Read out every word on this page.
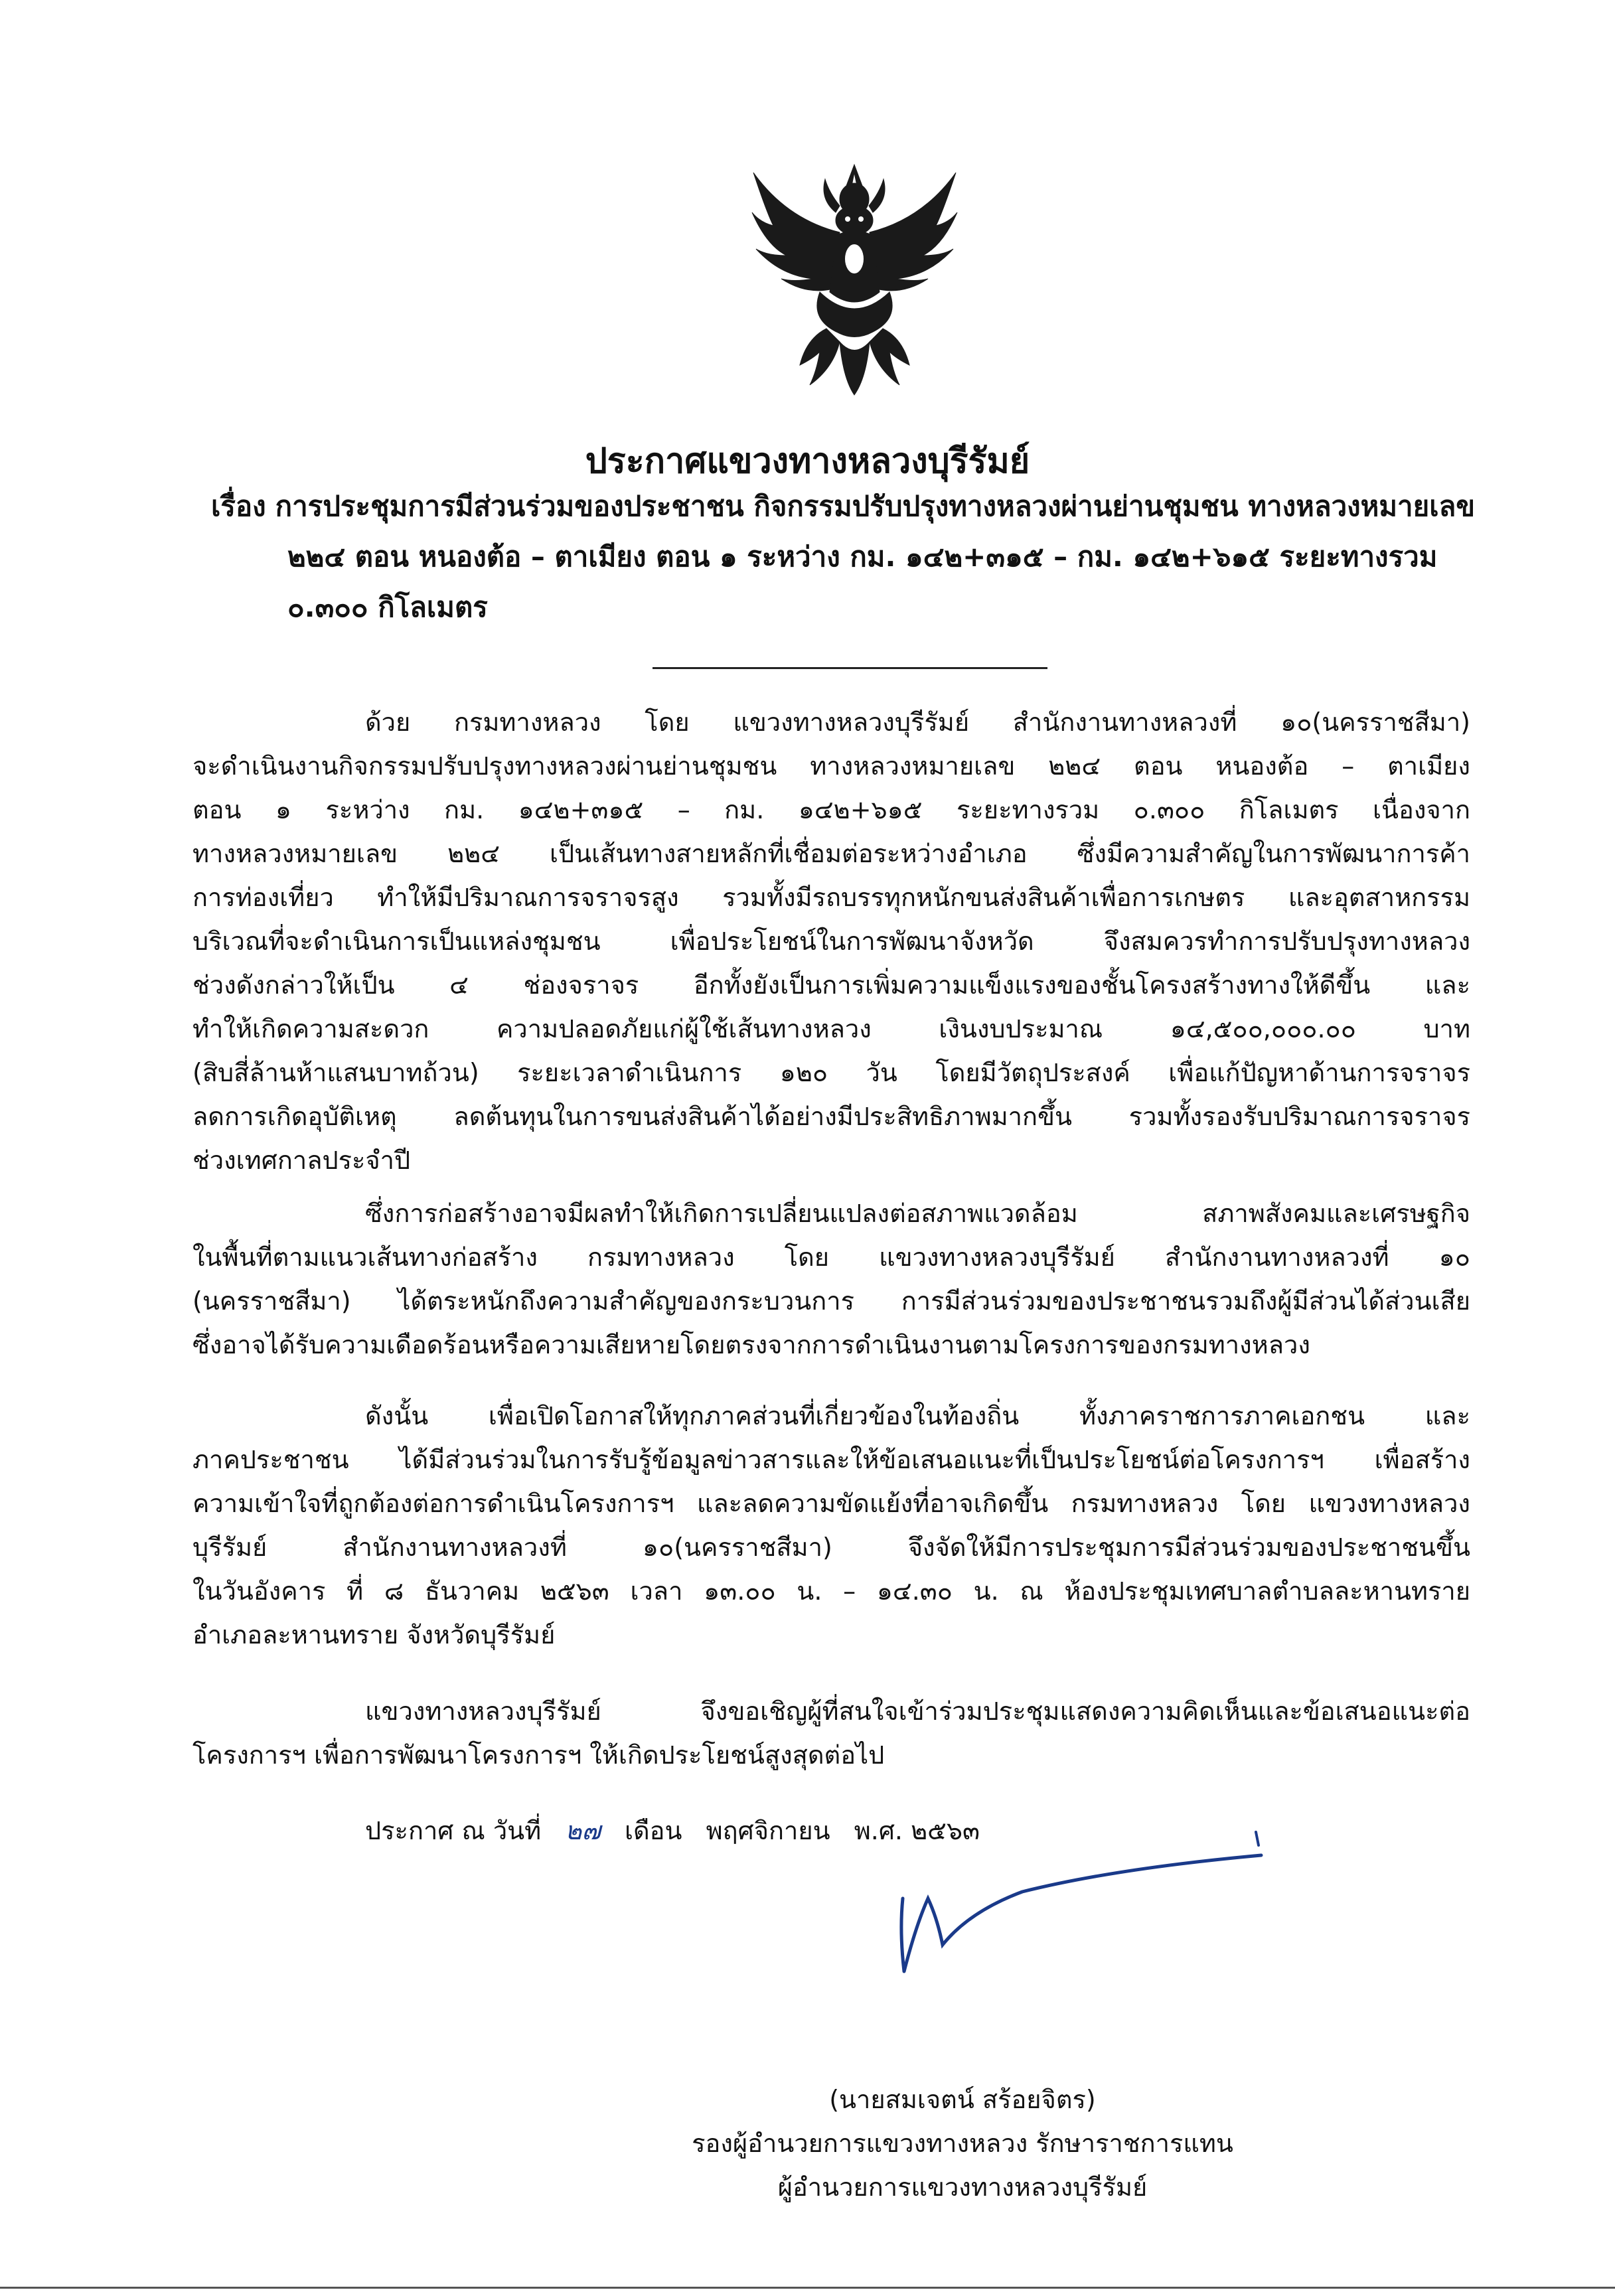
ประกาศแขวงทางหลวงบุรีรัมย์
เรื่อง การประชุมการมีส่วนร่วมของประชาชน กิจกรรมปรับปรุงทางหลวงผ่านย่านชุมชน ทางหลวงหมายเลข
๒๒๔ ตอน หนองต้อ – ตาเมียง ตอน ๑ ระหว่าง กม. ๑๔๒+๓๑๕ – กม. ๑๔๒+๖๑๕ ระยะทางรวม
๐.๓๐๐ กิโลเมตร
ด้วย กรมทางหลวง โดย แขวงทางหลวงบุรีรัมย์ สำนักงานทางหลวงที่ ๑๐(นครราชสีมา)
จะดำเนินงานกิจกรรมปรับปรุงทางหลวงผ่านย่านชุมชน ทางหลวงหมายเลข ๒๒๔ ตอน หนองต้อ – ตาเมียง
ตอน ๑ ระหว่าง กม. ๑๔๒+๓๑๕ – กม. ๑๔๒+๖๑๕ ระยะทางรวม ๐.๓๐๐ กิโลเมตร เนื่องจาก
ทางหลวงหมายเลข ๒๒๔ เป็นเส้นทางสายหลักที่เชื่อมต่อระหว่างอำเภอ ซึ่งมีความสำคัญในการพัฒนาการค้า
การท่องเที่ยว ทำให้มีปริมาณการจราจรสูง รวมทั้งมีรถบรรทุกหนักขนส่งสินค้าเพื่อการเกษตร และอุตสาหกรรม
บริเวณที่จะดำเนินการเป็นแหล่งชุมชน เพื่อประโยชน์ในการพัฒนาจังหวัด จึงสมควรทำการปรับปรุงทางหลวง
ช่วงดังกล่าวให้เป็น ๔ ช่องจราจร อีกทั้งยังเป็นการเพิ่มความแข็งแรงของชั้นโครงสร้างทางให้ดีขึ้น และ
ทำให้เกิดความสะดวก ความปลอดภัยแก่ผู้ใช้เส้นทางหลวง เงินงบประมาณ ๑๔,๕๐๐,๐๐๐.๐๐ บาท
(สิบสี่ล้านห้าแสนบาทถ้วน) ระยะเวลาดำเนินการ ๑๒๐ วัน โดยมีวัตถุประสงค์ เพื่อแก้ปัญหาด้านการจราจร
ลดการเกิดอุบัติเหตุ ลดต้นทุนในการขนส่งสินค้าได้อย่างมีประสิทธิภาพมากขึ้น รวมทั้งรองรับปริมาณการจราจร
ช่วงเทศกาลประจำปี
ซึ่งการก่อสร้างอาจมีผลทำให้เกิดการเปลี่ยนแปลงต่อสภาพแวดล้อม สภาพสังคมและเศรษฐกิจ
ในพื้นที่ตามแนวเส้นทางก่อสร้าง กรมทางหลวง โดย แขวงทางหลวงบุรีรัมย์ สำนักงานทางหลวงที่ ๑๐
(นครราชสีมา) ได้ตระหนักถึงความสำคัญของกระบวนการ การมีส่วนร่วมของประชาชนรวมถึงผู้มีส่วนได้ส่วนเสีย
ซึ่งอาจได้รับความเดือดร้อนหรือความเสียหายโดยตรงจากการดำเนินงานตามโครงการของกรมทางหลวง
ดังนั้น เพื่อเปิดโอกาสให้ทุกภาคส่วนที่เกี่ยวข้องในท้องถิ่น ทั้งภาคราชการภาคเอกชน และ
ภาคประชาชน ได้มีส่วนร่วมในการรับรู้ข้อมูลข่าวสารและให้ข้อเสนอแนะที่เป็นประโยชน์ต่อโครงการฯ เพื่อสร้าง
ความเข้าใจที่ถูกต้องต่อการดำเนินโครงการฯ และลดความขัดแย้งที่อาจเกิดขึ้น กรมทางหลวง โดย แขวงทางหลวง
บุรีรัมย์ สำนักงานทางหลวงที่ ๑๐(นครราชสีมา) จึงจัดให้มีการประชุมการมีส่วนร่วมของประชาชนขึ้น
ในวันอังคาร ที่ ๘ ธันวาคม ๒๕๖๓ เวลา ๑๓.๐๐ น. – ๑๔.๓๐ น. ณ ห้องประชุมเทศบาลตำบลละหานทราย
อำเภอละหานทราย จังหวัดบุรีรัมย์
แขวงทางหลวงบุรีรัมย์ จึงขอเชิญผู้ที่สนใจเข้าร่วมประชุมแสดงความคิดเห็นและข้อเสนอแนะต่อ
โครงการฯ เพื่อการพัฒนาโครงการฯ ให้เกิดประโยชน์สูงสุดต่อไป
ประกาศ ณ วันที่ ๒๗ เดือน พฤศจิกายน พ.ศ. ๒๕๖๓
(นายสมเจตน์ สร้อยจิตร)
รองผู้อำนวยการแขวงทางหลวง รักษาราชการแทน
ผู้อำนวยการแขวงทางหลวงบุรีรัมย์
